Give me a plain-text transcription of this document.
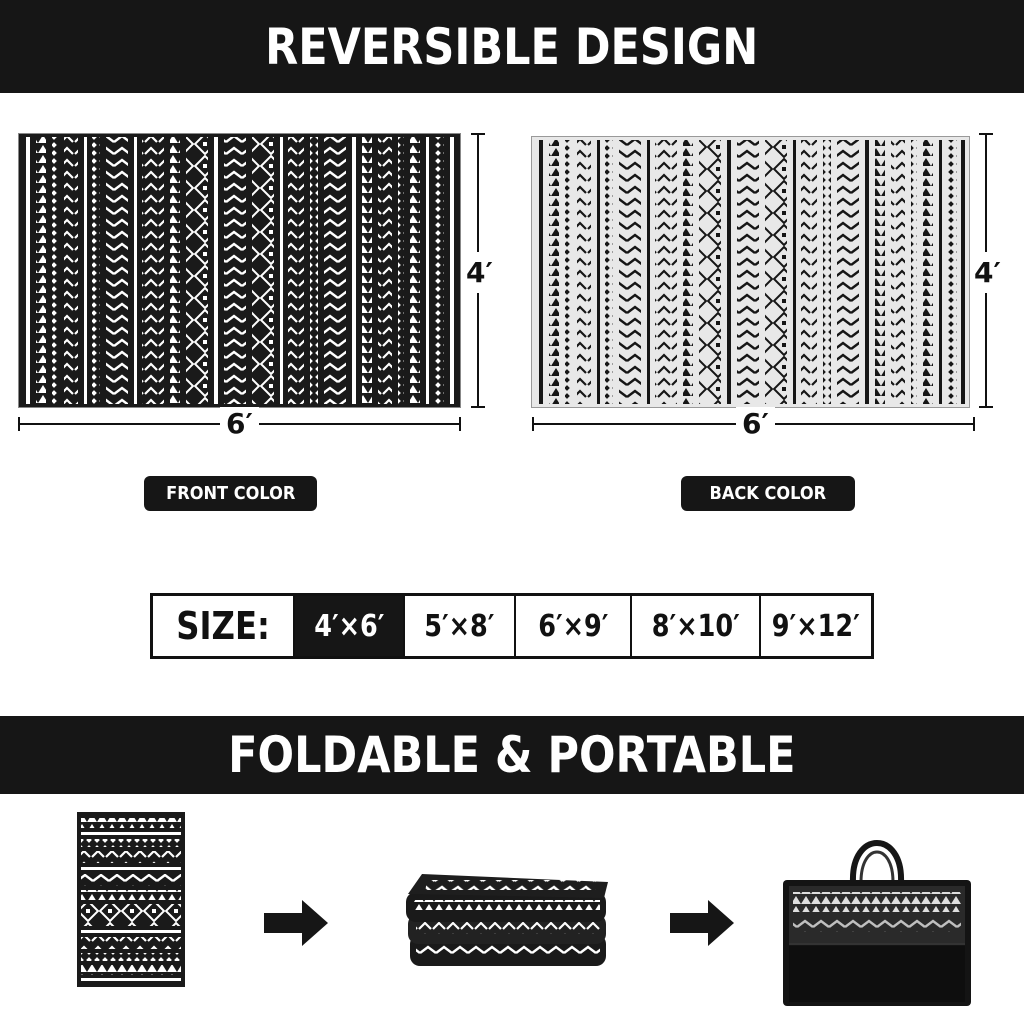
REVERSIBLE DESIGN
6′
4′
6′
4′
FRONT COLOR	BACK COLOR
SIZE: 4′×6′ 5′×8′ 6′×9′ 8′×10′ 9′×12′
FOLDABLE & PORTABLE
